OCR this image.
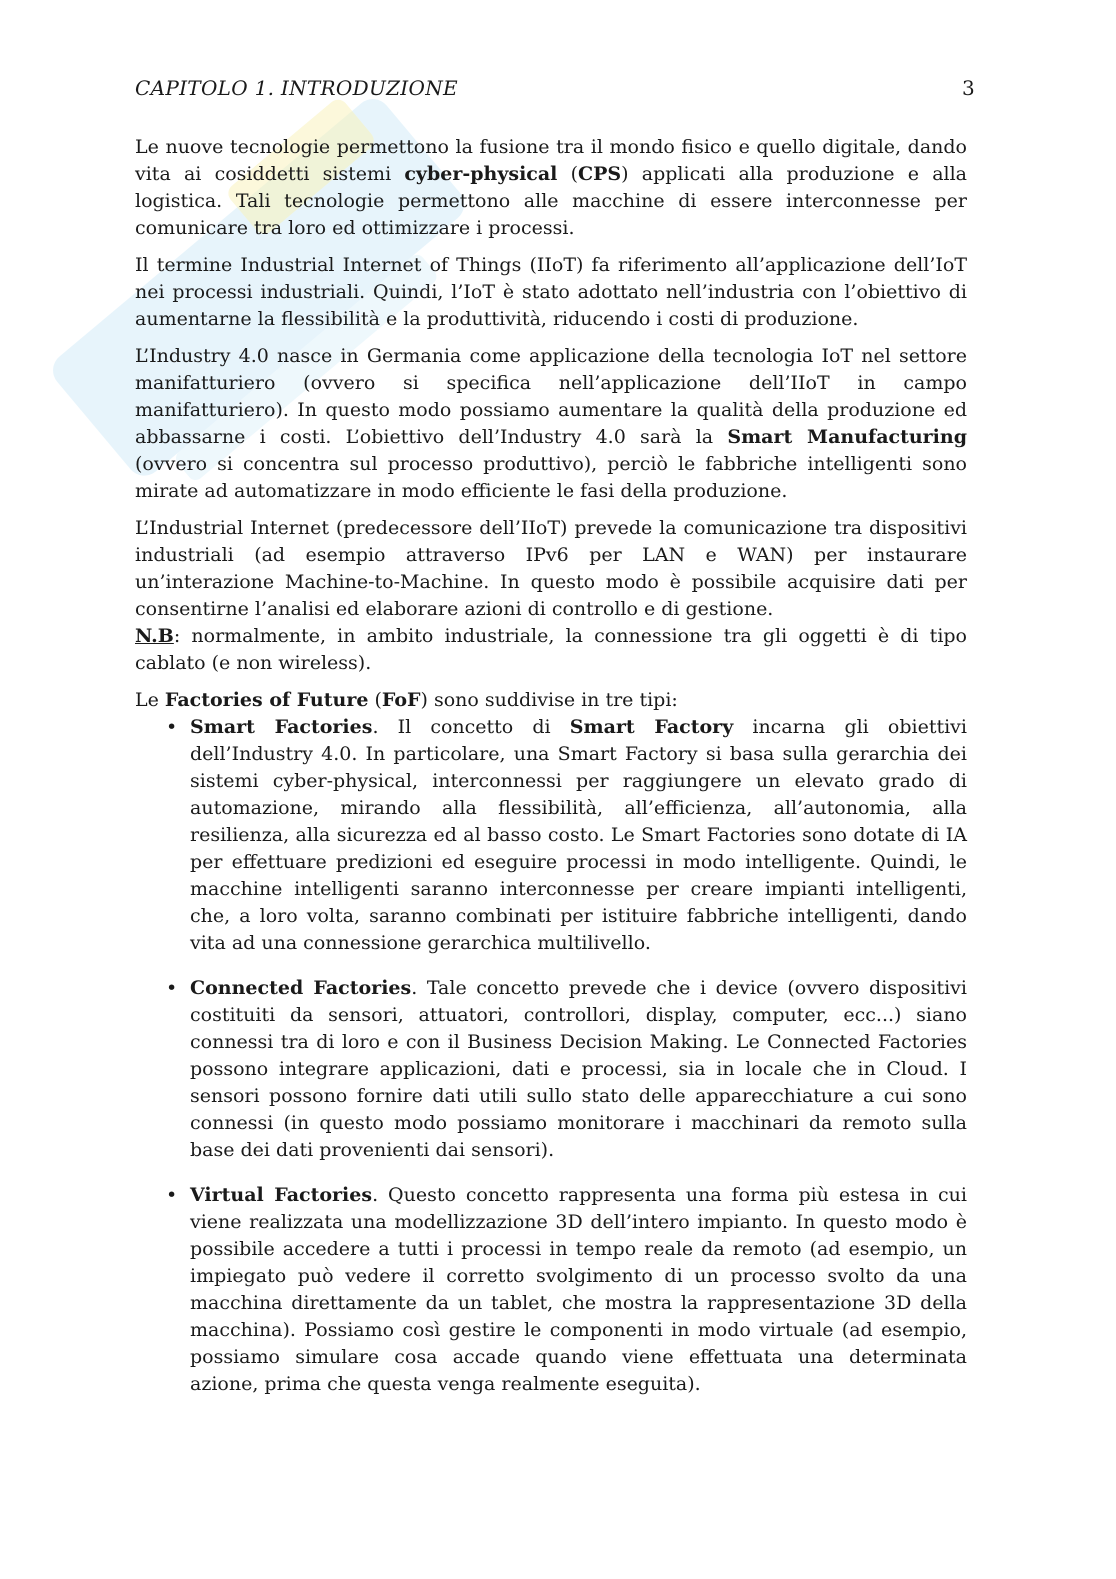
CAPITOLO 1. INTRODUZIONE	3

Le nuove tecnologie permettono la fusione tra il mondo fisico e quello digitale, dando vita ai cosiddetti sistemi cyber-physical (CPS) applicati alla produzione e alla logistica. Tali tecnologie permettono alle macchine di essere interconnesse per comunicare tra loro ed ottimizzare i processi.

Il termine Industrial Internet of Things (IIoT) fa riferimento all’applicazione dell’IoT nei processi industriali. Quindi, l’IoT è stato adottato nell’industria con l’obiettivo di aumentarne la flessibilità e la produttività, riducendo i costi di produzione.

L’Industry 4.0 nasce in Germania come applicazione della tecnologia IoT nel settore manifatturiero (ovvero si specifica nell’applicazione dell’IIoT in campo manifatturiero). In questo modo possiamo aumentare la qualità della produzione ed abbassarne i costi. L’obiettivo dell’Industry 4.0 sarà la Smart Manufacturing (ovvero si concentra sul processo produttivo), perciò le fabbriche intelligenti sono mirate ad automatizzare in modo efficiente le fasi della produzione.

L’Industrial Internet (predecessore dell’IIoT) prevede la comunicazione tra dispositivi industriali (ad esempio attraverso IPv6 per LAN e WAN) per instaurare un’interazione Machine-to-Machine. In questo modo è possibile acquisire dati per consentirne l’analisi ed elaborare azioni di controllo e di gestione.
N.B: normalmente, in ambito industriale, la connessione tra gli oggetti è di tipo cablato (e non wireless).

Le Factories of Future (FoF) sono suddivise in tre tipi:

• Smart Factories. Il concetto di Smart Factory incarna gli obiettivi dell’Industry 4.0. In particolare, una Smart Factory si basa sulla gerarchia dei sistemi cyber-physical, interconnessi per raggiungere un elevato grado di automazione, mirando alla flessibilità, all’efficienza, all’autonomia, alla resilienza, alla sicurezza ed al basso costo. Le Smart Factories sono dotate di IA per effettuare predizioni ed eseguire processi in modo intelligente. Quindi, le macchine intelligenti saranno interconnesse per creare impianti intelligenti, che, a loro volta, saranno combinati per istituire fabbriche intelligenti, dando vita ad una connessione gerarchica multilivello.
• Connected Factories. Tale concetto prevede che i device (ovvero dispositivi costituiti da sensori, attuatori, controllori, display, computer, ecc...) siano connessi tra di loro e con il Business Decision Making. Le Connected Factories possono integrare applicazioni, dati e processi, sia in locale che in Cloud. I sensori possono fornire dati utili sullo stato delle apparecchiature a cui sono connessi (in questo modo possiamo monitorare i macchinari da remoto sulla base dei dati provenienti dai sensori).
• Virtual Factories. Questo concetto rappresenta una forma più estesa in cui viene realizzata una modellizzazione 3D dell’intero impianto. In questo modo è possibile accedere a tutti i processi in tempo reale da remoto (ad esempio, un impiegato può vedere il corretto svolgimento di un processo svolto da una macchina direttamente da un tablet, che mostra la rappresentazione 3D della macchina). Possiamo così gestire le componenti in modo virtuale (ad esempio, possiamo simulare cosa accade quando viene effettuata una determinata azione, prima che questa venga realmente eseguita).
